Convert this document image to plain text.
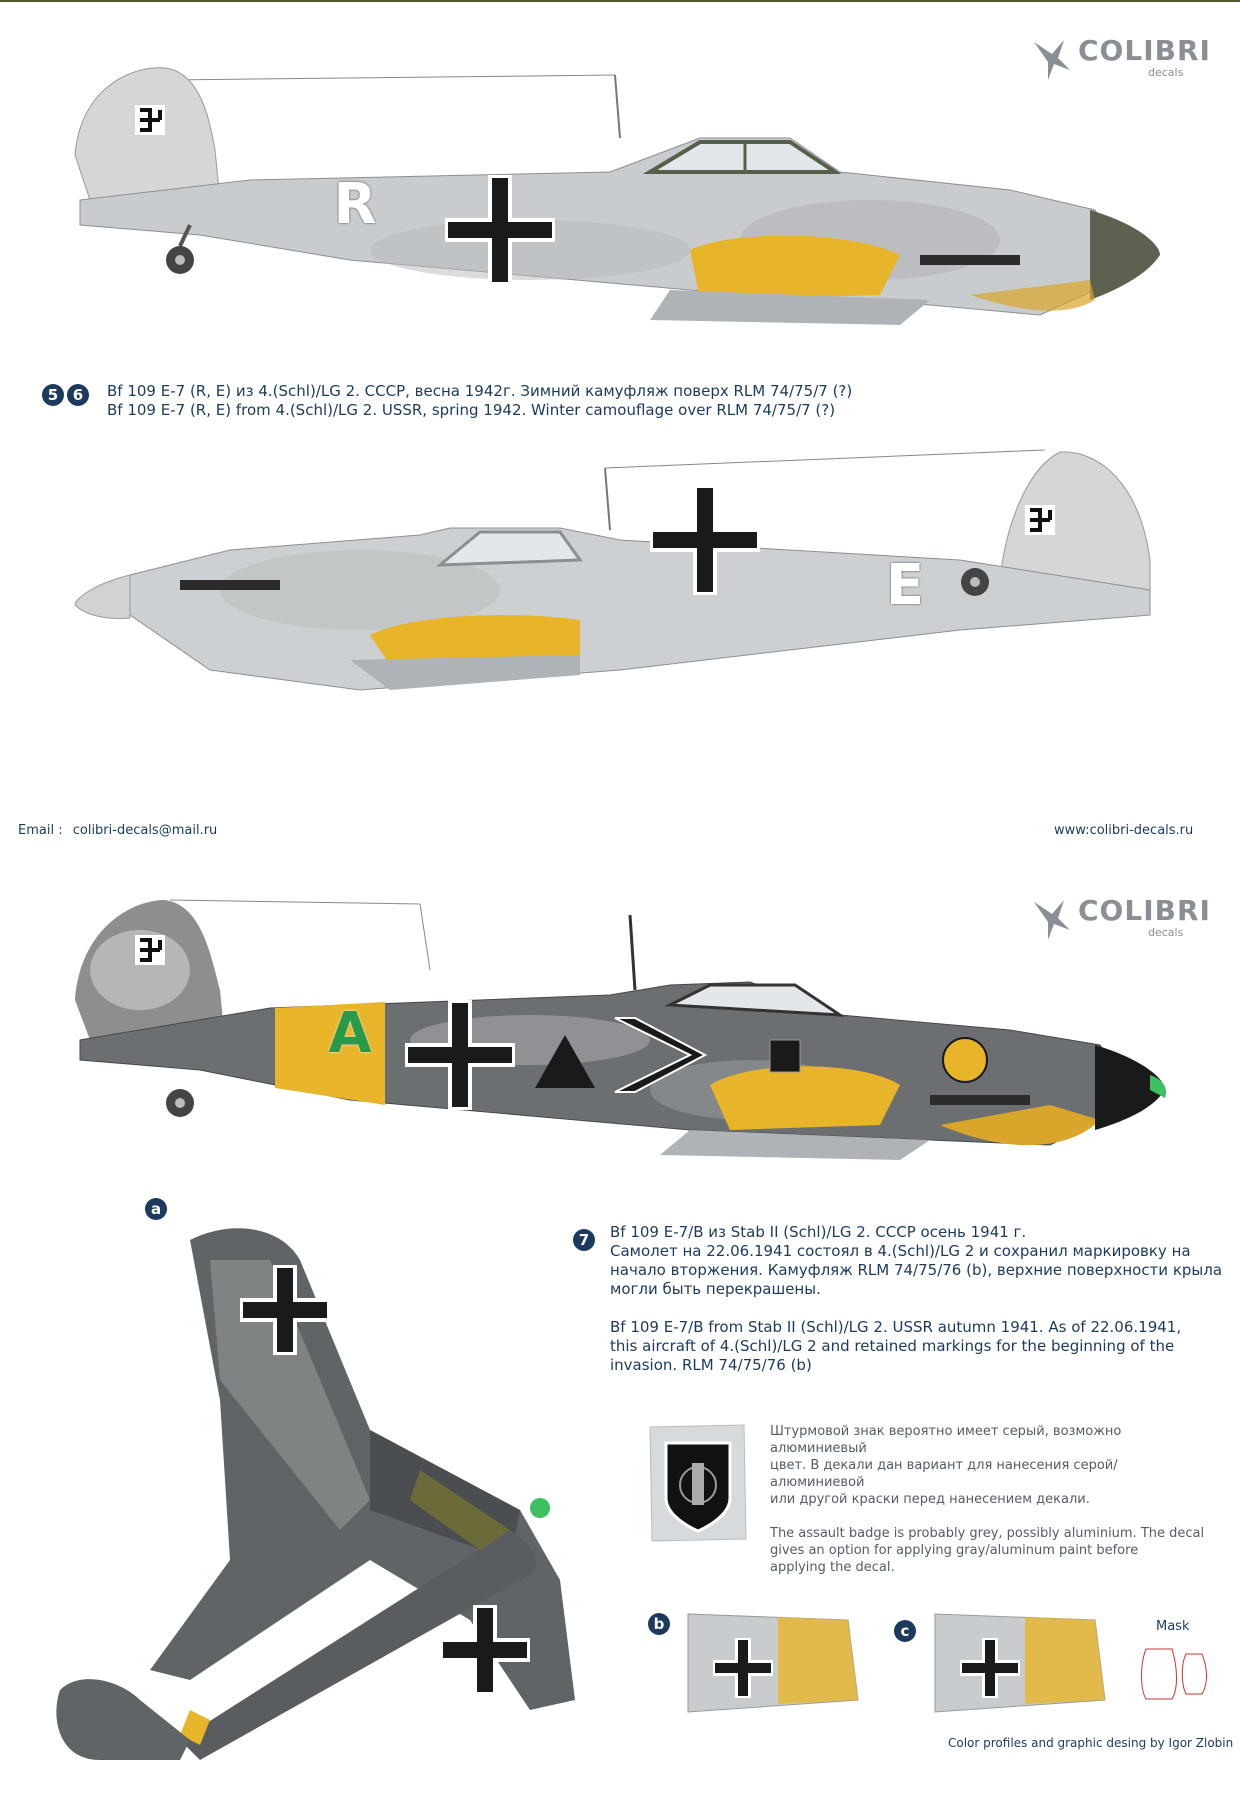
COLIBRI
decals
R
5 6	Bf 109 E-7 (R, E) из 4.(Schl)/LG 2. СССР, весна 1942г. Зимний камуфляж поверх RLM 74/75/7 (?)
Bf 109 E-7 (R, E) from 4.(Schl)/LG 2. USSR, spring 1942. Winter camouflage over RLM 74/75/7 (?)
E
Email : colibri-decals@mail.ru	www:colibri-decals.ru
COLIBRI
decals
A
a
7	Bf 109 E-7/B из Stab II (Schl)/LG 2. СССР осень 1941 г.
Самолет на 22.06.1941 состоял в 4.(Schl)/LG 2 и сохранил маркировку на
начало вторжения. Камуфляж RLM 74/75/76 (b), верхние поверхности крыла
могли быть перекрашены.
Bf 109 E-7/B from Stab II (Schl)/LG 2. USSR autumn 1941. As of 22.06.1941,
this aircraft of 4.(Schl)/LG 2 and retained markings for the beginning of the
invasion. RLM 74/75/76 (b)
Штурмовой знак вероятно имеет серый, возможно алюминиевый
цвет. В декали дан вариант для нанесения серой/алюминиевой
или другой краски перед нанесением декали.
The assault badge is probably grey, possibly aluminium. The decal
gives an option for applying gray/aluminum paint before
applying the decal.
b	c	Mask
Color profiles and graphic desing by Igor Zlobin
